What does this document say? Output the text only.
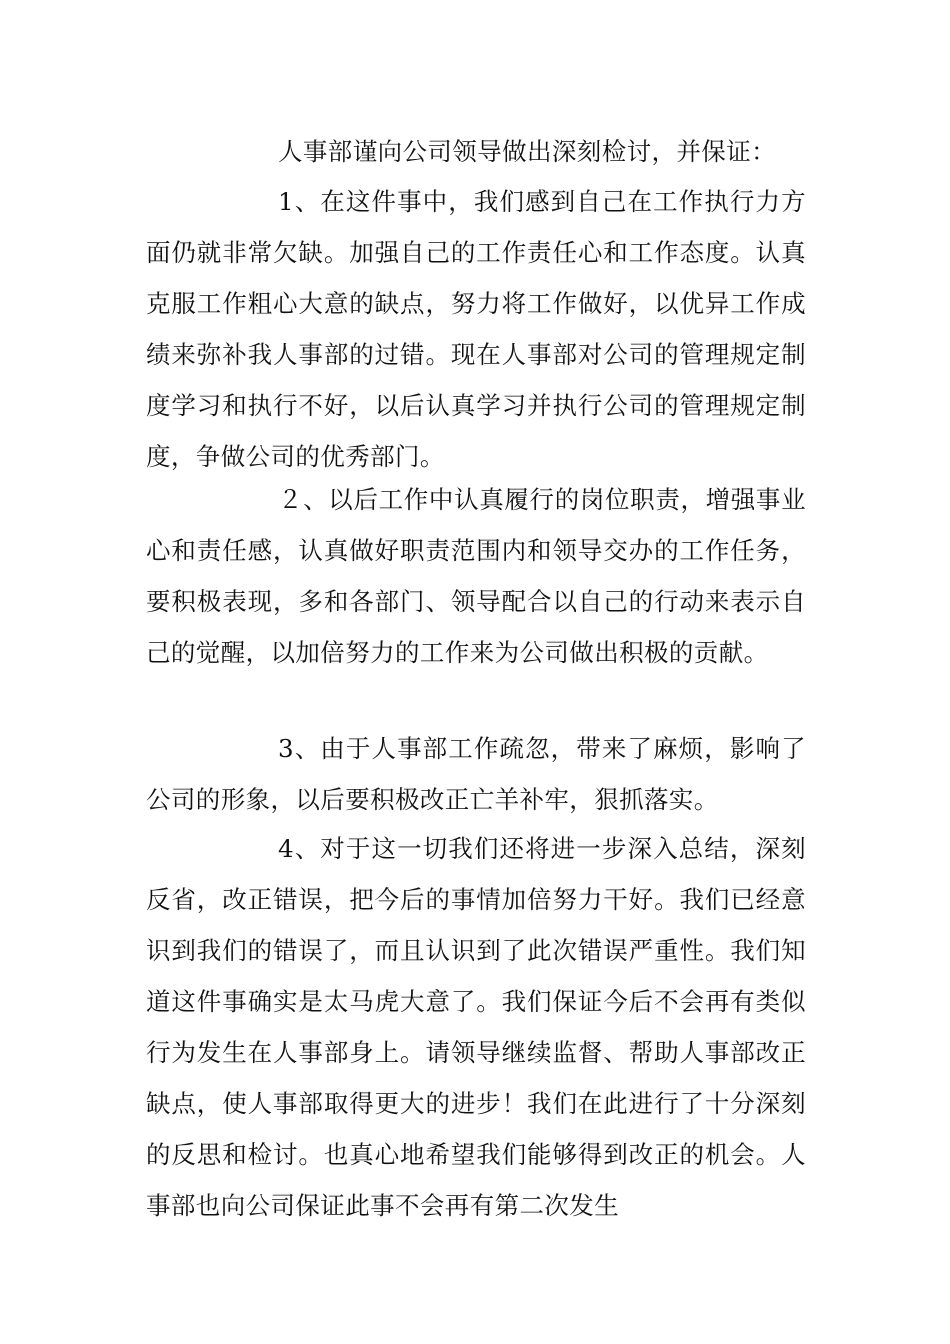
人事部谨向公司领导做出深刻检讨，并保证：

1、在这件事中，我们感到自己在工作执行力方面仍就非常欠缺。加强自己的工作责任心和工作态度。认真克服工作粗心大意的缺点，努力将工作做好，以优异工作成绩来弥补我人事部的过错。现在人事部对公司的管理规定制度学习和执行不好，以后认真学习并执行公司的管理规定制度，争做公司的优秀部门。

２、以后工作中认真履行的岗位职责，增强事业心和责任感，认真做好职责范围内和领导交办的工作任务，要积极表现，多和各部门、领导配合以自己的行动来表示自己的觉醒，以加倍努力的工作来为公司做出积极的贡献。

3、由于人事部工作疏忽，带来了麻烦，影响了公司的形象，以后要积极改正亡羊补牢，狠抓落实。

4、对于这一切我们还将进一步深入总结，深刻反省，改正错误，把今后的事情加倍努力干好。我们已经意识到我们的错误了，而且认识到了此次错误严重性。我们知道这件事确实是太马虎大意了。我们保证今后不会再有类似行为发生在人事部身上。请领导继续监督、帮助人事部改正缺点，使人事部取得更大的进步！我们在此进行了十分深刻的反思和检讨。也真心地希望我们能够得到改正的机会。人事部也向公司保证此事不会再有第二次发生
